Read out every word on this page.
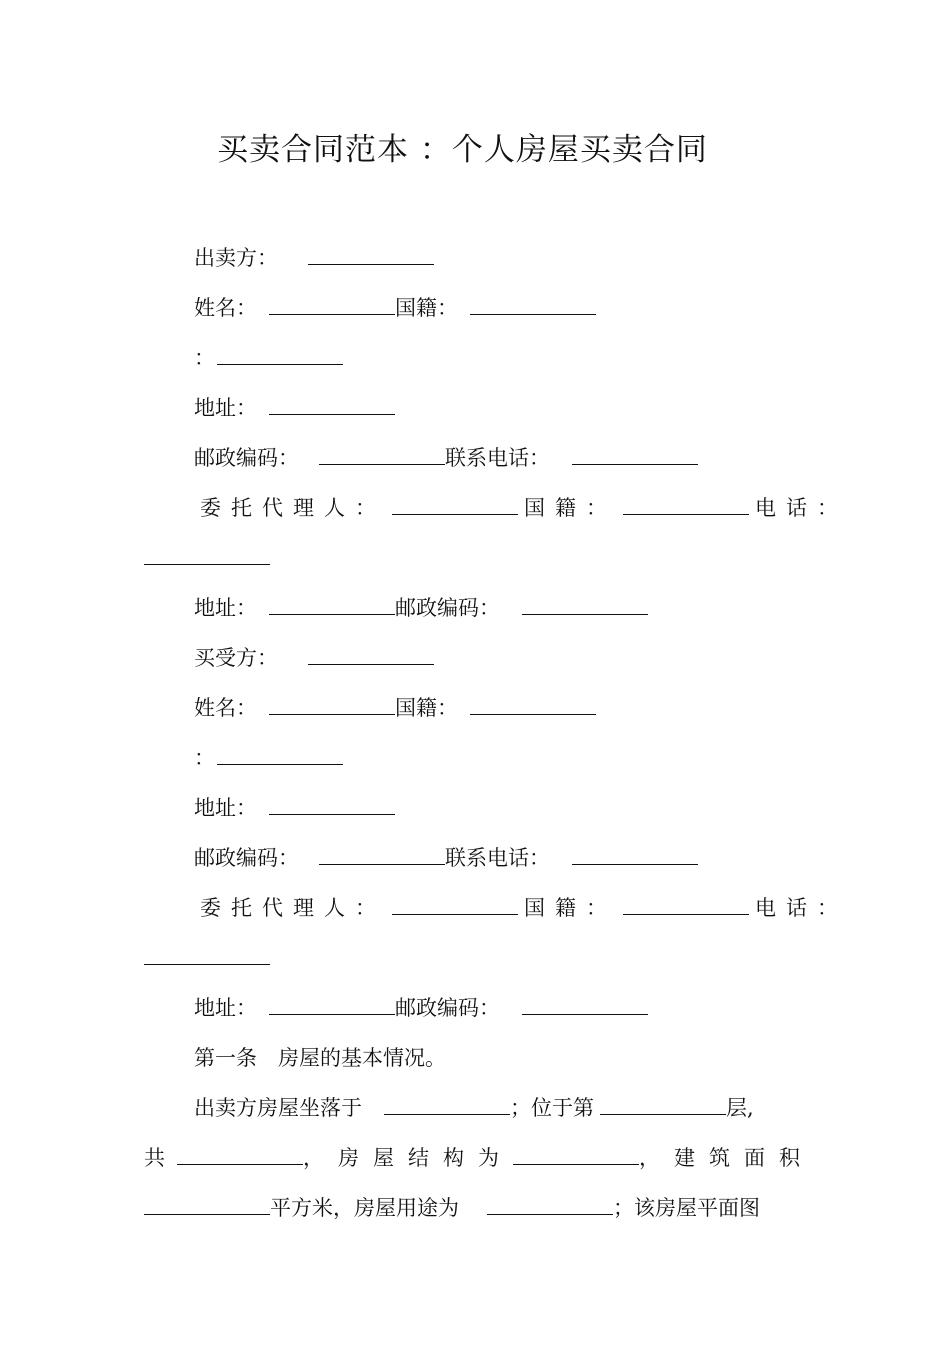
买卖合同范本 ：个人房屋买卖合同
出卖方：
姓名：	国籍：
：
地址：
邮政编码：	联系电话：
委托代理人：	国籍：	电话：
地址：	邮政编码：
买受方：
姓名：	国籍：
：
地址：
邮政编码：	联系电话：
委托代理人：	国籍：	电话：
地址：	邮政编码：
第一条　房屋的基本情况。
出卖方房屋坐落于	；位于第	层,
共	，房屋结构为	，建筑面积
平方米，房屋用途为	；该房屋平面图
